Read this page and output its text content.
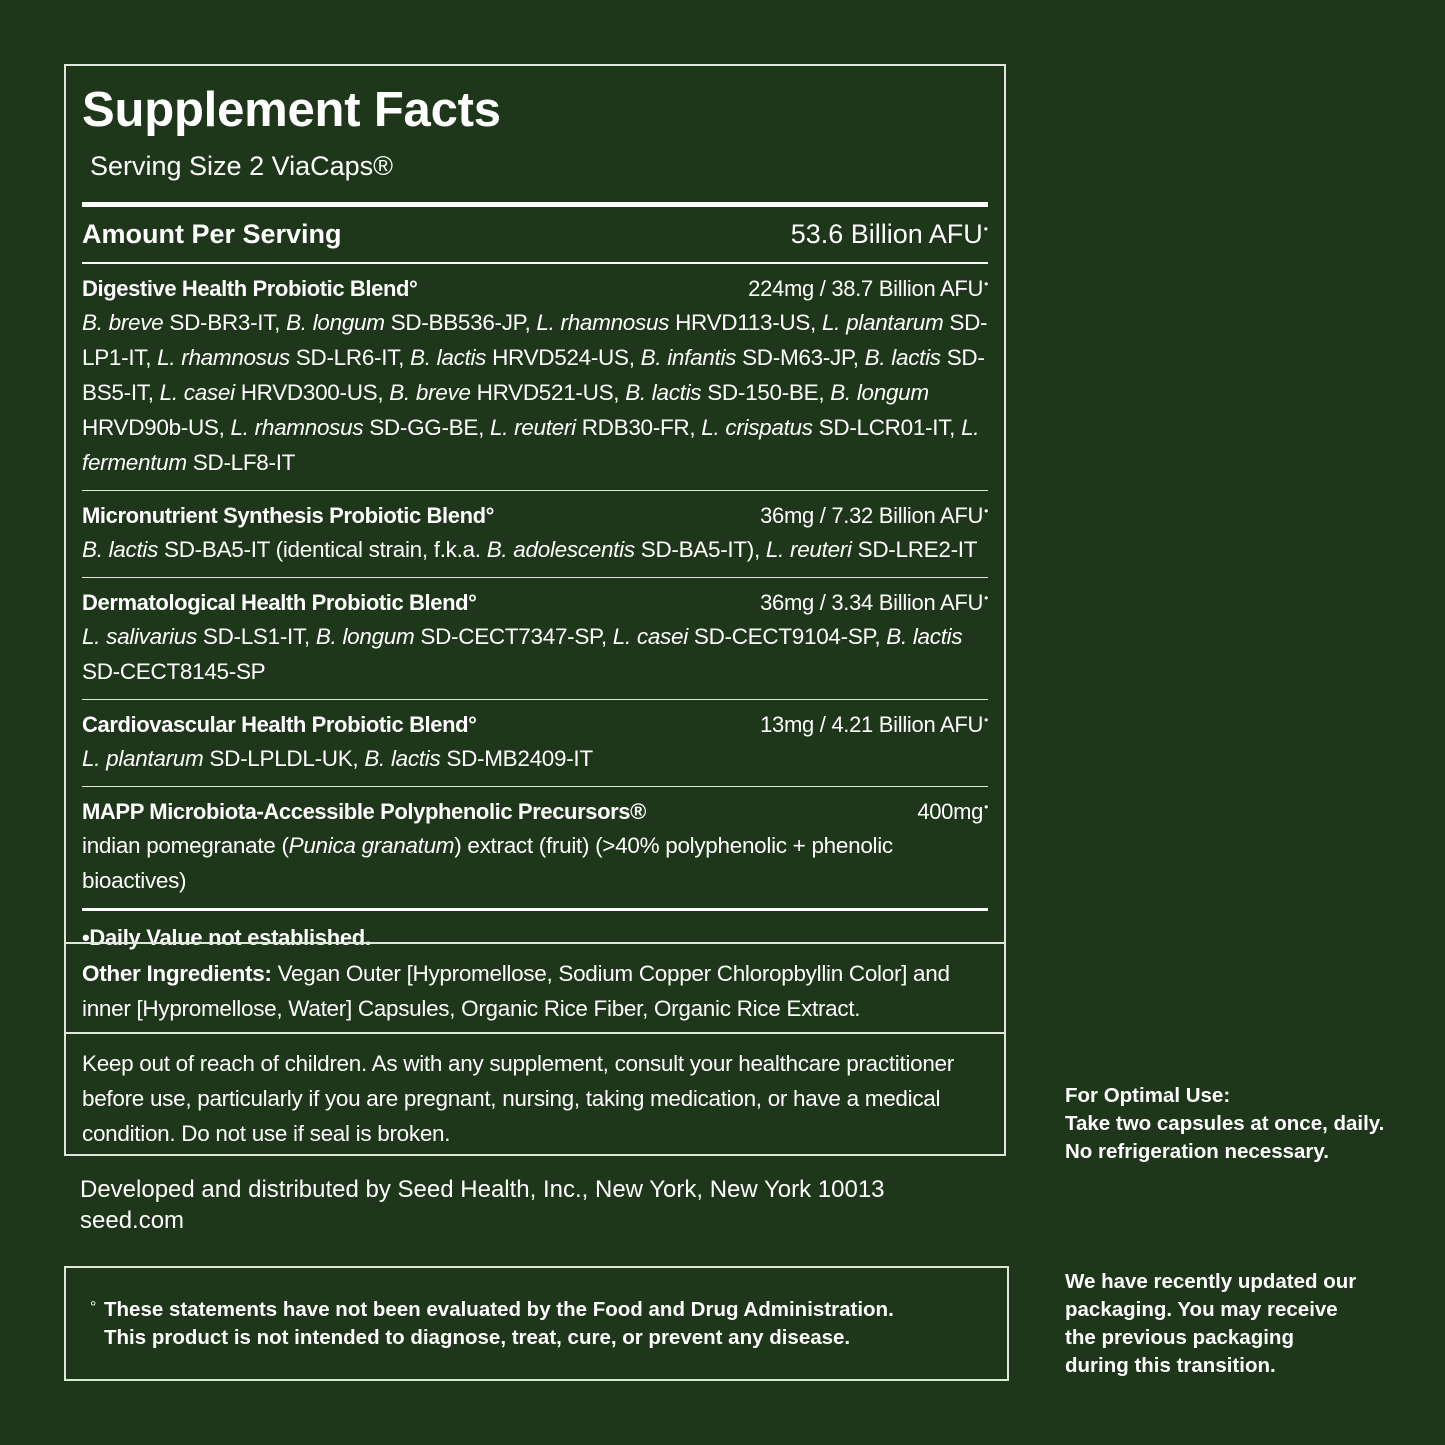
Supplement Facts
Serving Size 2 ViaCaps®
Amount Per Serving	53.6 Billion AFU•
Digestive Health Probiotic Blend°	224mg / 38.7 Billion AFU•
B. breve SD-BR3-IT, B. longum SD-BB536-JP, L. rhamnosus HRVD113-US, L. plantarum SD-LP1-IT, L. rhamnosus SD-LR6-IT, B. lactis HRVD524-US, B. infantis SD-M63-JP, B. lactis SD-BS5-IT, L. casei HRVD300-US, B. breve HRVD521-US, B. lactis SD-150-BE, B. longum HRVD90b-US, L. rhamnosus SD-GG-BE, L. reuteri RDB30-FR, L. crispatus SD-LCR01-IT, L. fermentum SD-LF8-IT
Micronutrient Synthesis Probiotic Blend°	36mg / 7.32 Billion AFU•
B. lactis SD-BA5-IT (identical strain, f.k.a. B. adolescentis SD-BA5-IT), L. reuteri SD-LRE2-IT
Dermatological Health Probiotic Blend°	36mg / 3.34 Billion AFU•
L. salivarius SD-LS1-IT, B. longum SD-CECT7347-SP, L. casei SD-CECT9104-SP, B. lactis SD-CECT8145-SP
Cardiovascular Health Probiotic Blend°	13mg / 4.21 Billion AFU•
L. plantarum SD-LPLDL-UK, B. lactis SD-MB2409-IT
MAPP Microbiota-Accessible Polyphenolic Precursors®	400mg•
indian pomegranate (Punica granatum) extract (fruit) (>40% polyphenolic + phenolic bioactives)
•Daily Value not established.
Other Ingredients: Vegan Outer [Hypromellose, Sodium Copper Chloropbyllin Color] and inner [Hypromellose, Water] Capsules, Organic Rice Fiber, Organic Rice Extract.
Keep out of reach of children. As with any supplement, consult your healthcare practitioner before use, particularly if you are pregnant, nursing, taking medication, or have a medical condition. Do not use if seal is broken.
Developed and distributed by Seed Health, Inc., New York, New York 10013
seed.com
° These statements have not been evaluated by the Food and Drug Administration.
This product is not intended to diagnose, treat, cure, or prevent any disease.
For Optimal Use:
Take two capsules at once, daily.
No refrigeration necessary.
We have recently updated our
packaging. You may receive
the previous packaging
during this transition.
